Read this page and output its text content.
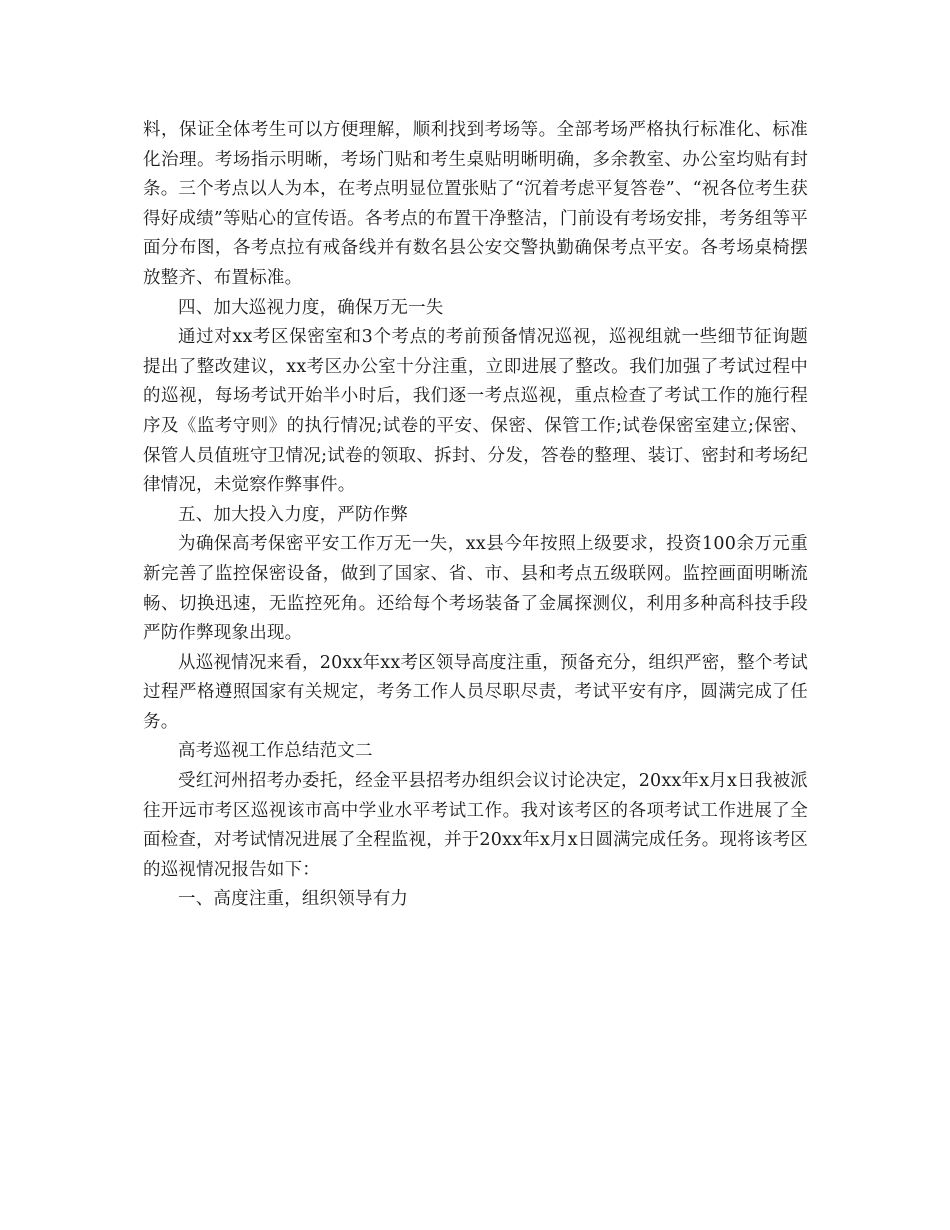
料，保证全体考生可以方便理解，顺利找到考场等。全部考场严格执行标准化、标准化治理。考场指示明晰，考场门贴和考生桌贴明晰明确，多余教室、办公室均贴有封条。三个考点以人为本，在考点明显位置张贴了“沉着考虑平复答卷”、“祝各位考生获得好成绩”等贴心的宣传语。各考点的布置干净整洁，门前设有考场安排，考务组等平面分布图，各考点拉有戒备线并有数名县公安交警执勤确保考点平安。各考场桌椅摆放整齐、布置标准。

四、加大巡视力度，确保万无一失

通过对xx考区保密室和3个考点的考前预备情况巡视，巡视组就一些细节征询题提出了整改建议，xx考区办公室十分注重，立即进展了整改。我们加强了考试过程中的巡视，每场考试开始半小时后，我们逐一考点巡视，重点检查了考试工作的施行程序及《监考守则》的执行情况;试卷的平安、保密、保管工作;试卷保密室建立;保密、保管人员值班守卫情况;试卷的领取、拆封、分发，答卷的整理、装订、密封和考场纪律情况，未觉察作弊事件。

五、加大投入力度，严防作弊

为确保高考保密平安工作万无一失，xx县今年按照上级要求，投资100余万元重新完善了监控保密设备，做到了国家、省、市、县和考点五级联网。监控画面明晰流畅、切换迅速，无监控死角。还给每个考场装备了金属探测仪，利用多种高科技手段严防作弊现象出现。

从巡视情况来看，20xx年xx考区领导高度注重，预备充分，组织严密，整个考试过程严格遵照国家有关规定，考务工作人员尽职尽责，考试平安有序，圆满完成了任务。

高考巡视工作总结范文二

受红河州招考办委托，经金平县招考办组织会议讨论决定，20xx年x月x日我被派往开远市考区巡视该市高中学业水平考试工作。我对该考区的各项考试工作进展了全面检查，对考试情况进展了全程监视，并于20xx年x月x日圆满完成任务。现将该考区的巡视情况报告如下：

一、高度注重，组织领导有力
